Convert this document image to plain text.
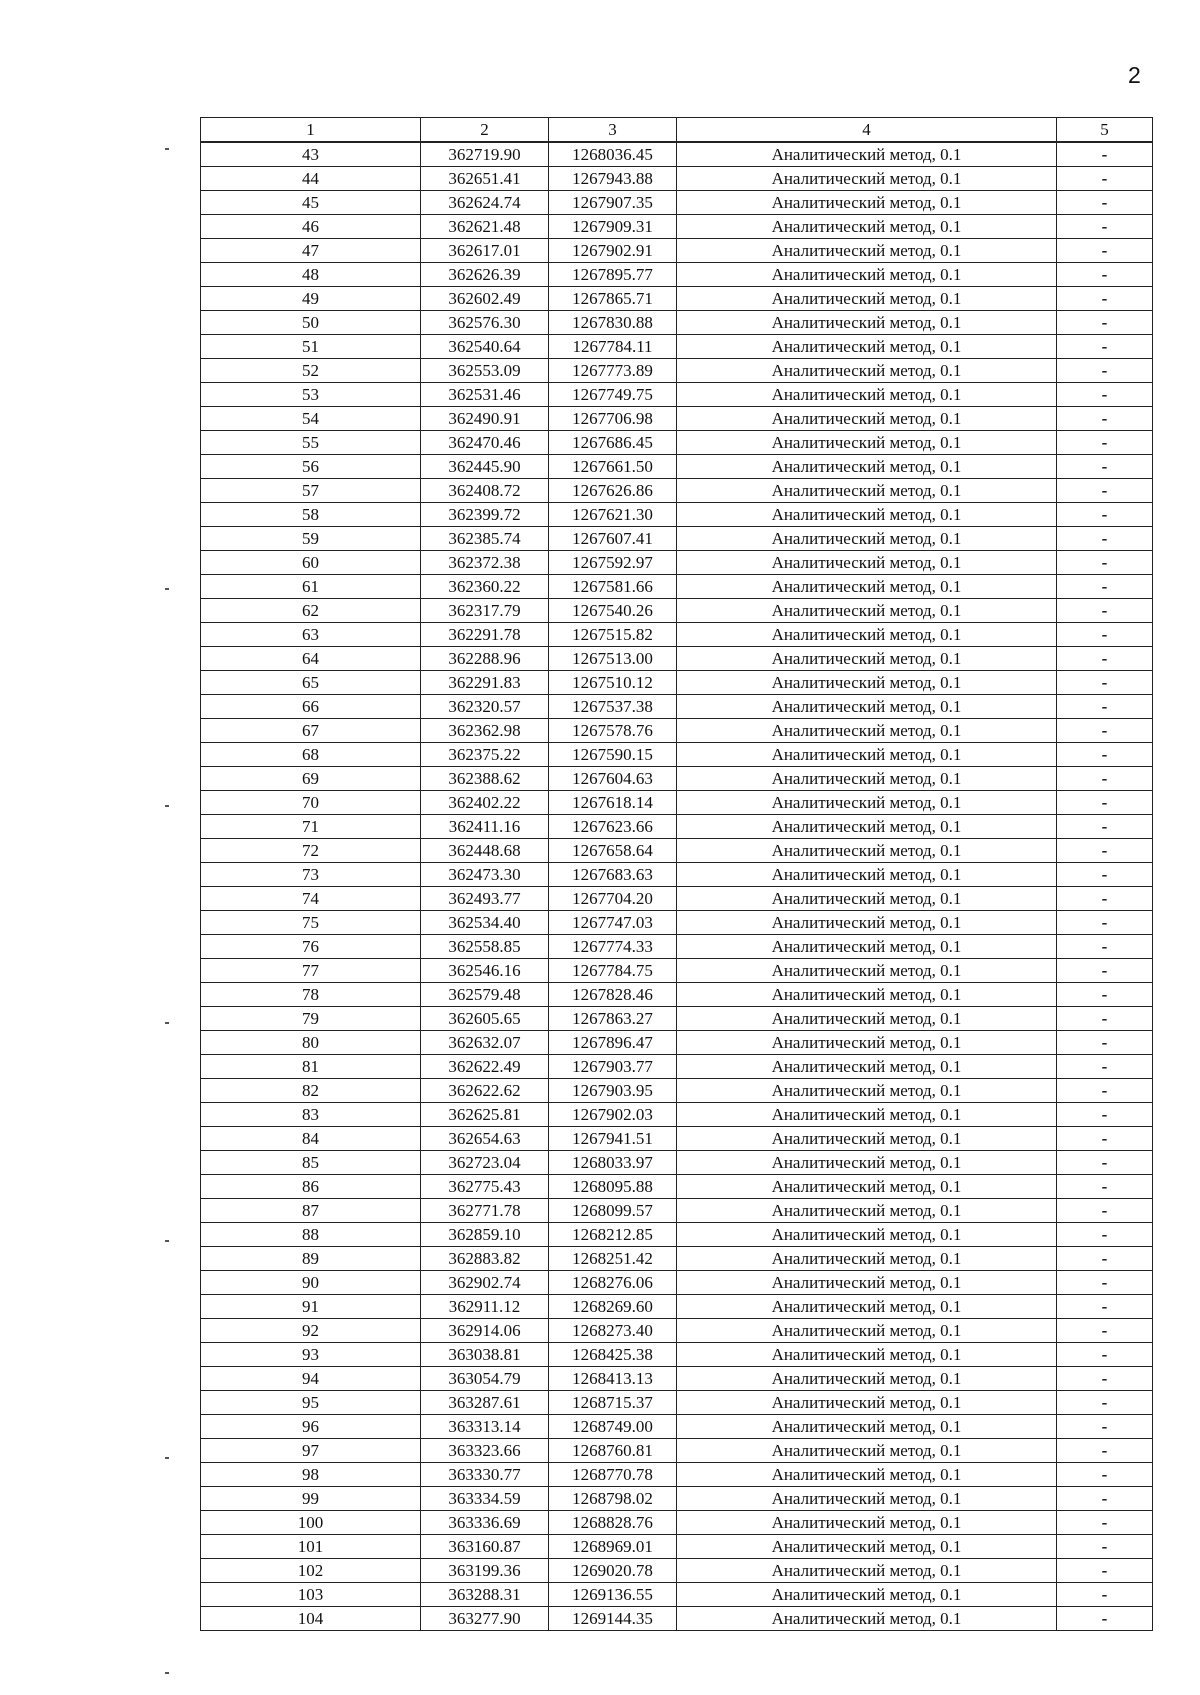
2
1	2	3	4	5
43	362719.90	1268036.45	Аналитический метод, 0.1	-
44	362651.41	1267943.88	Аналитический метод, 0.1	-
45	362624.74	1267907.35	Аналитический метод, 0.1	-
46	362621.48	1267909.31	Аналитический метод, 0.1	-
47	362617.01	1267902.91	Аналитический метод, 0.1	-
48	362626.39	1267895.77	Аналитический метод, 0.1	-
49	362602.49	1267865.71	Аналитический метод, 0.1	-
50	362576.30	1267830.88	Аналитический метод, 0.1	-
51	362540.64	1267784.11	Аналитический метод, 0.1	-
52	362553.09	1267773.89	Аналитический метод, 0.1	-
53	362531.46	1267749.75	Аналитический метод, 0.1	-
54	362490.91	1267706.98	Аналитический метод, 0.1	-
55	362470.46	1267686.45	Аналитический метод, 0.1	-
56	362445.90	1267661.50	Аналитический метод, 0.1	-
57	362408.72	1267626.86	Аналитический метод, 0.1	-
58	362399.72	1267621.30	Аналитический метод, 0.1	-
59	362385.74	1267607.41	Аналитический метод, 0.1	-
60	362372.38	1267592.97	Аналитический метод, 0.1	-
61	362360.22	1267581.66	Аналитический метод, 0.1	-
62	362317.79	1267540.26	Аналитический метод, 0.1	-
63	362291.78	1267515.82	Аналитический метод, 0.1	-
64	362288.96	1267513.00	Аналитический метод, 0.1	-
65	362291.83	1267510.12	Аналитический метод, 0.1	-
66	362320.57	1267537.38	Аналитический метод, 0.1	-
67	362362.98	1267578.76	Аналитический метод, 0.1	-
68	362375.22	1267590.15	Аналитический метод, 0.1	-
69	362388.62	1267604.63	Аналитический метод, 0.1	-
70	362402.22	1267618.14	Аналитический метод, 0.1	-
71	362411.16	1267623.66	Аналитический метод, 0.1	-
72	362448.68	1267658.64	Аналитический метод, 0.1	-
73	362473.30	1267683.63	Аналитический метод, 0.1	-
74	362493.77	1267704.20	Аналитический метод, 0.1	-
75	362534.40	1267747.03	Аналитический метод, 0.1	-
76	362558.85	1267774.33	Аналитический метод, 0.1	-
77	362546.16	1267784.75	Аналитический метод, 0.1	-
78	362579.48	1267828.46	Аналитический метод, 0.1	-
79	362605.65	1267863.27	Аналитический метод, 0.1	-
80	362632.07	1267896.47	Аналитический метод, 0.1	-
81	362622.49	1267903.77	Аналитический метод, 0.1	-
82	362622.62	1267903.95	Аналитический метод, 0.1	-
83	362625.81	1267902.03	Аналитический метод, 0.1	-
84	362654.63	1267941.51	Аналитический метод, 0.1	-
85	362723.04	1268033.97	Аналитический метод, 0.1	-
86	362775.43	1268095.88	Аналитический метод, 0.1	-
87	362771.78	1268099.57	Аналитический метод, 0.1	-
88	362859.10	1268212.85	Аналитический метод, 0.1	-
89	362883.82	1268251.42	Аналитический метод, 0.1	-
90	362902.74	1268276.06	Аналитический метод, 0.1	-
91	362911.12	1268269.60	Аналитический метод, 0.1	-
92	362914.06	1268273.40	Аналитический метод, 0.1	-
93	363038.81	1268425.38	Аналитический метод, 0.1	-
94	363054.79	1268413.13	Аналитический метод, 0.1	-
95	363287.61	1268715.37	Аналитический метод, 0.1	-
96	363313.14	1268749.00	Аналитический метод, 0.1	-
97	363323.66	1268760.81	Аналитический метод, 0.1	-
98	363330.77	1268770.78	Аналитический метод, 0.1	-
99	363334.59	1268798.02	Аналитический метод, 0.1	-
100	363336.69	1268828.76	Аналитический метод, 0.1	-
101	363160.87	1268969.01	Аналитический метод, 0.1	-
102	363199.36	1269020.78	Аналитический метод, 0.1	-
103	363288.31	1269136.55	Аналитический метод, 0.1	-
104	363277.90	1269144.35	Аналитический метод, 0.1	-
